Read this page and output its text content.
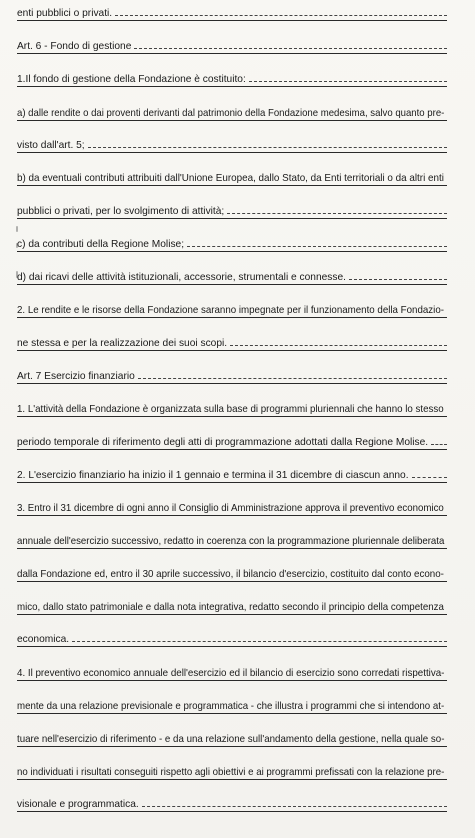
enti pubblici o privati.
Art. 6 - Fondo di gestione
1.Il fondo di gestione della Fondazione è costituito:
a) dalle rendite o dai proventi derivanti dal patrimonio della Fondazione medesima, salvo quanto pre-
visto dall'art. 5;
b) da eventuali contributi attribuiti dall'Unione Europea, dallo Stato, da Enti territoriali o da altri enti
pubblici o privati, per lo svolgimento di attività;
c) da contributi della Regione Molise;
d) dai ricavi delle attività istituzionali, accessorie, strumentali e connesse.
2. Le rendite e le risorse della Fondazione saranno impegnate per il funzionamento della Fondazio-
ne stessa e per la realizzazione dei suoi scopi.
Art. 7 Esercizio finanziario
1. L'attività della Fondazione è organizzata sulla base di programmi pluriennali che hanno lo stesso
periodo temporale di riferimento degli atti di programmazione adottati dalla Regione Molise.
2. L'esercizio finanziario ha inizio il 1 gennaio e termina il 31 dicembre di ciascun anno.
3. Entro il 31 dicembre di ogni anno il Consiglio di Amministrazione approva il preventivo economico
annuale dell'esercizio successivo, redatto in coerenza con la programmazione pluriennale deliberata
dalla Fondazione ed, entro il 30 aprile successivo, il bilancio d'esercizio, costituito dal conto econo-
mico, dallo stato patrimoniale e dalla nota integrativa, redatto secondo il principio della competenza
economica.
4. Il preventivo economico annuale dell'esercizio ed il bilancio di esercizio sono corredati rispettiva-
mente da una relazione previsionale e programmatica - che illustra i programmi che si intendono at-
tuare nell'esercizio di riferimento - e da una relazione sull'andamento della gestione, nella quale so-
no individuati i risultati conseguiti rispetto agli obiettivi e ai programmi prefissati con la relazione pre-
visionale e programmatica.
